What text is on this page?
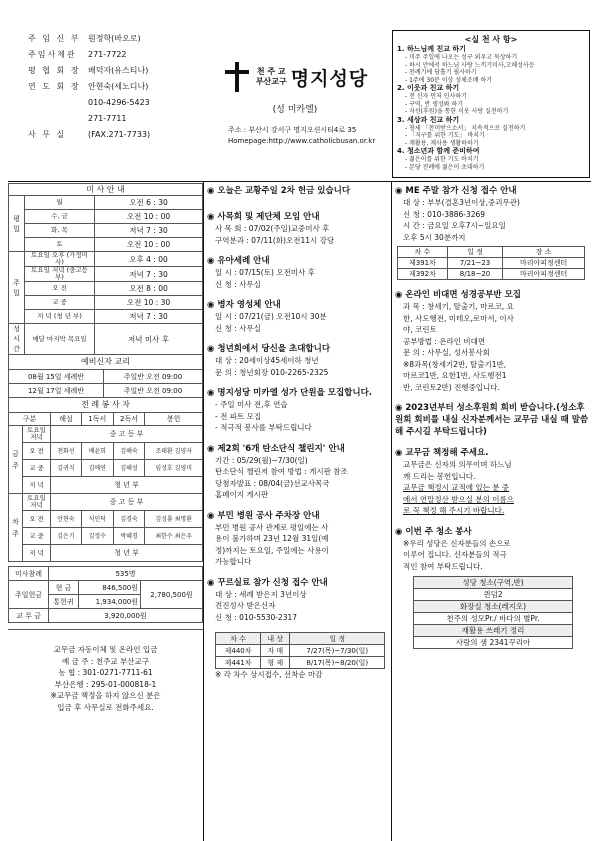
주 임 신 부 원정학(바오로)
주임사제관	271-7722
평 협 회 장 배덕자(유스티나)
연 도 회 장 안현숙(세노디나)
010-4296-5423
271-7711
사 무 실	(FAX.271-7733)
천 주 교
부산교구 명지성당
(성 미카엘)
주소 : 부산시 강서구 명지오션시티4로 35
Homepage:http://www.catholicbusan.or.kr
<실 천 사 항>
1. 하느님께 친교 하기
- 미주 주일에 나오는 성구 외우고 묵상하기
- 하시 안에서 하느님 사랑 느끼기미사,고해성사등
- 찬례기에 담홀기 필사하기
- 1주에 30분 이상 성체조배 하기
2. 이웃과 친교 하기
- 전 신자 먼저 인사하기
- 구역, 반 생성봐 하기
- 자선(후원)을 통한 이웃 사랑 실천하기
3. 세상과 친교 하기
- 창세 「찬미받으소서」 지속적으로 실천하기
- 「지구를 위한 기도」 바치기
- 재활용, 재사용 생활하하기
4. 청소년과 함께 준비하여
- 젊은이를 위한 기도 바치기
- 본당 전례에 젊은이 초대하기
미 사 안 내
평일	월	오전 6 : 30
	수, 금	오전 10 : 00
	화, 목	저녁 7 : 30
	토	오전 10 : 00
주일	토요일 오후 (가정미사)	오후 4 : 00
	토요일 저녁 (중고등부)	저녁 7 : 30
	오 전	오전 8 : 00
	교 중	오전 10 : 30
	저 녁 (청 년 부)	저녁 7 : 30
성시간	매달 마지막 목요일	저녁 미사 후
예비신자 교리
08월 15일 세례반	주일반 오전 09:00
12월 17일 세례반	주일반 오전 09:00
전 례 봉 사 자
구분		해설	1독서	2독서	봉헌
금주	토요일 저녁	중 고 등 부			
	오 전	천화선	배윤희	김해숙	조태환 김영자
	교 중	김귀식	김애연	김해성	임성호 김영미
	저 녁	청 년 부			
차주	토요일 저녁	중 고 등 부			
	오 전	안현숙	석인덕	김경숙	김성룡 최명환
	교 중	김은기	김정수	박혜경	최한수 최은우
	저 녁	청 년 부			
미사참례	535명		
주일헌금	현 금	846,500원	2,780,500원
	통헌귀	1,934,000원	
교 무 금	3,920,000원		
교무금 자동이체 및 온라인 입금
예 금 주 : 천주교 부산교구
농 협 : 301-0271-7711-61
부산은행 : 295-01-000818-1
※교무금 책정을 하지 않으신 분은
입금 후 사무실로 전화주세요.
◉ 오늘은 교황주일 2차 헌금 있습니다
◉ 사목회 및 제단체 모임 안내
사 목 회 : 07/02(주일)교중미사 후
구역분과 : 07/11(화)오전11시 강당
◉ 유아세례 안내
일 시 : 07/15(토) 오전미사 후
신 청 : 사무실
◉ 병자 영성체 안내
일 시 : 07/21(금) 오전10시 30분
신 청 : 사무실
◉ 청년회에서 당신을 초대합니다
대 상 : 20세이상45세이하 청년
문 의 : 청년회장 010-2265-2325
◉ 명지성당 미카엘 성가 단원을 모집합니다.
- 주일 미사 전,후 연습
- 전 파트 모집
- 적극적 봉사를 부탁드립니다
◉ 제2회 '6개 탄소단식 챌린지' 안내
기간 : 05/29(월)~7/30(일)
탄소단식 챌린저 참여 방법 : 게시판 참조
당첨자발표 : 08/04(금)선교사목국
홈페이지 게시판
◉ 부민 병원 공사 주차장 안내
부민 병원 공사 관계로 평일에는 사
용이 불가하며 23년 12월 31일(예
정)까지는 토요일, 주일에는 사용이
가능합니다
◉ 꾸르실료 참가 신청 접수 안내
대 상 : 세례 받은지 3년이상
견진성사 받은신자
신 청 : 010-5530-2317
차 수	내 상	일 정
제440차	자 매	7/27(목)~7/30(일)
제441차	형 제	8/17(목)~8/20(일)
※ 각 차수 상시접수, 선착순 마감
◉ ME 주말 참가 신청 접수 안내
대 상 : 부부(결혼3년이상,중괴무관)
신 청 : 010-3886-3269
시 간 : 금요일 오후7시~일요일
오후 5시 30분까지
차 수	일 정	장 소
제391차	7/21~23	마리아피정센터
제392차	8/18~20	마리아피정센터
◉ 온라인 비대면 성경공부반 모집
과 목 : 창세기, 탈출기, 마르코, 요
한, 사도행전, 미테오,로마서, 이사
야, 코린토
공부방법 : 온라인 비대면
문 의 : 사무실, 성서봉사회
※8과목(창세기2반, 탈출기1반,
마르코1반, 요한1반, 사도행전1
반, 코린토2반) 진행중입니다.
◉ 2023년부터 성소후원회 회비 받습니다.(성소후원회 회비를 내실 신자분께서는 교무금 내실 때 말씀해 주시길 부탁드립니다)
◉ 교무금 책정해 주세요.
교무금은 신자의 의무이며 하느님
께 드리는 봉헌입니다.
교무금 책정시 교적에 있는 분 중
에서 연말정산 받으실 분의 이름으
로 꼭 책정 해 주시기 바랍니다.
◉ 이번 주 청소 봉사
※우리 성당은 신자분들의 손으로
이루어 집니다. 신자분들의 적극
적인 참여 부탁드립니다.
성당 청소(구역,반)
퀸덤2
화장실 청소(레지오)
천주의 성모Pr./ 바다의 별Pr.
재활용 쓰레기 정리
사랑의 샘 2341꾸리아
